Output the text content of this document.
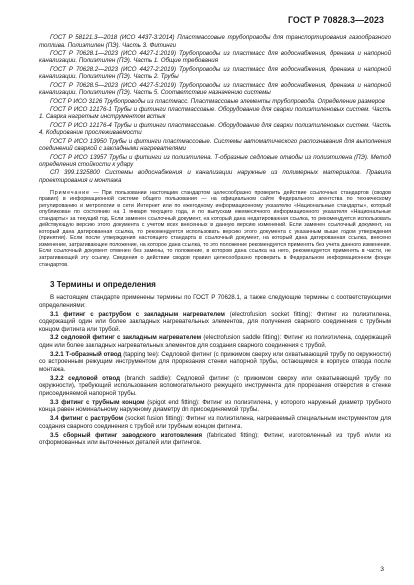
ГОСТ Р 70828.3—2023

ГОСТ Р 58121.3—2018 (ИСО 4437-3:2014) Пластмассовые трубопроводы для транспортирования газообразного топлива. Полиэтилен (ПЭ). Часть 3. Фитинги

ГОСТ Р 70628.1—2023 (ИСО 4427-1:2019) Трубопроводы из пластмасс для водоснабжения, дренажа и напорной канализации. Полиэтилен (ПЭ). Часть 1. Общие требования

ГОСТ Р 70628.2—2023 (ИСО 4427-2:2019) Трубопроводы из пластмасс для водоснабжения, дренажа и напорной канализации. Полиэтилен (ПЭ). Часть 2. Трубы

ГОСТ Р 70628.5—2023 (ИСО 4427-5:2019) Трубопроводы из пластмасс для водоснабжения, дренажа и напорной канализации. Полиэтилен (ПЭ). Часть 5. Соответствие назначению системы

ГОСТ Р ИСО 3126 Трубопроводы из пластмасс. Пластмассовые элементы трубопровода. Определение размеров

ГОСТ Р ИСО 12176-1 Трубы и фитинги пластмассовые. Оборудование для сварки полиэтиленовых систем. Часть 1. Сварка нагретым инструментом встык

ГОСТ Р ИСО 12176-4 Трубы и фитинги пластмассовые. Оборудование для сварки полиэтиленовых систем. Часть 4. Кодирование прослеживаемости

ГОСТ Р ИСО 13950 Трубы и фитинги пластмассовые. Системы автоматического распознавания для выполнения соединений сваркой с закладными нагревателями

ГОСТ Р ИСО 13957 Трубы и фитинги из полиэтилена. Т-образные седловые отводы из полиэтилена (ПЭ). Метод определения стойкости к удару

СП 399.1325800 Системы водоснабжения и канализации наружные из полимерных материалов. Правила проектирования и монтажа

Примечание — При пользовании настоящим стандартом целесообразно проверить действие ссылочных стандартов (сводов правил) в информационной системе общего пользования — на официальном сайте Федерального агентства по техническому регулированию и метрологии в сети Интернет или по ежегодному информационному указателю «Национальные стандарты», который опубликован по состоянию на 1 января текущего года, и по выпускам ежемесячного информационного указателя «Национальные стандарты» за текущий год. Если заменен ссылочный документ, на который дана недатированная ссылка, то рекомендуется использовать действующую версию этого документа с учетом всех внесенных в данную версию изменений. Если заменен ссылочный документ, на который дана датированная ссылка, то рекомендуется использовать версию этого документа с указанным выше годом утверждения (принятия). Если после утверждения настоящего стандарта в ссылочный документ, на который дана датированная ссылка, внесено изменение, затрагивающее положение, на которое дана ссылка, то это положение рекомендуется применять без учета данного изменения. Если ссылочный документ отменен без замены, то положение, в котором дана ссылка на него, рекомендуется применять в части, не затрагивающей эту ссылку. Сведения о действии сводов правил целесообразно проверить в Федеральном информационном фонде стандартов.
3 Термины и определения

В настоящем стандарте применены термины по ГОСТ Р 70628.1, а также следующие термины с соответствующими определениями:

3.1 фитинг с раструбом с закладным нагревателем (electrofusion socket fitting): Фитинг из полиэтилена, содержащий один или более закладных нагревательных элементов, для получения сварного соединения с трубным концом фитинга или трубой.

3.2 седловой фитинг с закладным нагревателем (electrofusion saddle fitting): Фитинг из полиэтилена, содержащий один или более закладных нагревательных элементов для создания сварного соединения с трубой.

3.2.1 Т-образный отвод (tapping tee): Седловой фитинг (с прижимом сверху или охватывающий трубу по окружности) со встроенным режущим инструментом для прорезания стенки напорной трубы, остающимся в корпусе отвода после монтажа.

3.2.2 седловой отвод (branch saddle): Седловой фитинг (с прижимом сверху или охватывающий трубу по окружности), требующий использования вспомогательного режущего инструмента для прорезания отверстия в стенке присоединяемой напорной трубы.

3.3 фитинг с трубным концом (spigot end fitting): Фитинг из полиэтилена, у которого наружный диаметр трубного конца равен номинальному наружному диаметру dn присоединяемой трубы.

3.4 фитинг с раструбом (socket fusion fitting): Фитинг из полиэтилена, нагреваемый специальным инструментом для создания сварного соединения с трубой или трубным концом фитинга.

3.5 сборный фитинг заводского изготовления (fabricated fitting): Фитинг, изготовленный из труб и/или из отформованных или выточенных деталей или фитингов.

3
